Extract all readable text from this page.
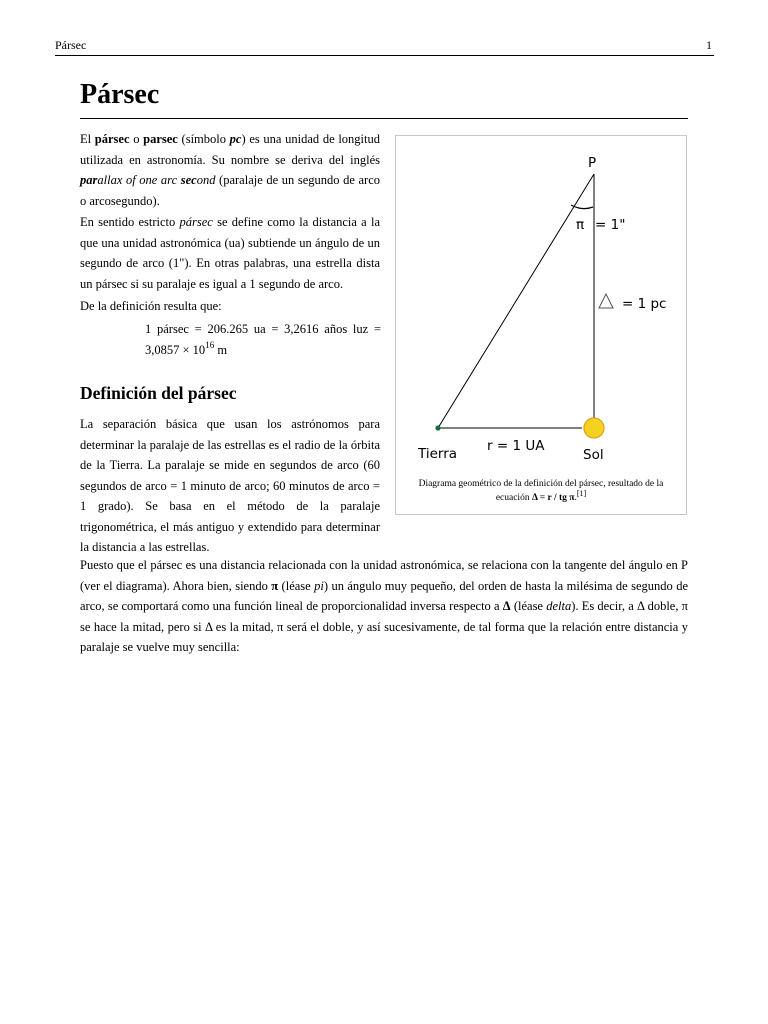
Pársec	1
Pársec

El pársec o parsec (símbolo pc) es una unidad de longitud utilizada en astronomía. Su nombre se deriva del inglés parallax of one arc second (paralaje de un segundo de arco o arcosegundo).

En sentido estricto pársec se define como la distancia a la que una unidad astronómica (ua) subtiende un ángulo de un segundo de arco (1"). En otras palabras, una estrella dista un pársec si su paralaje es igual a 1 segundo de arco.

De la definición resulta que:

1 pársec = 206.265 ua = 3,2616 años luz = $3,0857 \times 10^{16}$ m

Definición del pársec

La separación básica que usan los astrónomos para determinar la paralaje de las estrellas es el radio de la órbita de la Tierra. La paralaje se mide en segundos de arco (60 segundos de arco = 1 minuto de arco; 60 minutos de arco = 1 grado). Se basa en el método de la paralaje trigonométrica, el más antiguo y extendido para determinar la distancia a las estrellas.

Puesto que el pársec es una distancia relacionada con la unidad astronómica, se relaciona con la tangente del ángulo en P (ver el diagrama). Ahora bien, siendo π (léase pi) un ángulo muy pequeño, del orden de hasta la milésima de segundo de arco, se comportará como una función lineal de proporcionalidad inversa respecto a Δ (léase delta). Es decir, a Δ doble, π se hace la mitad, pero si Δ es la mitad, π será el doble, y así sucesivamente, de tal forma que la relación entre distancia y paralaje se vuelve muy sencilla:

P
π = 1"
= 1 pc
Tierra r = 1 UA
Sol

Diagrama geométrico de la definición del pársec, resultado de la ecuación Δ = r / tg π.[1]
